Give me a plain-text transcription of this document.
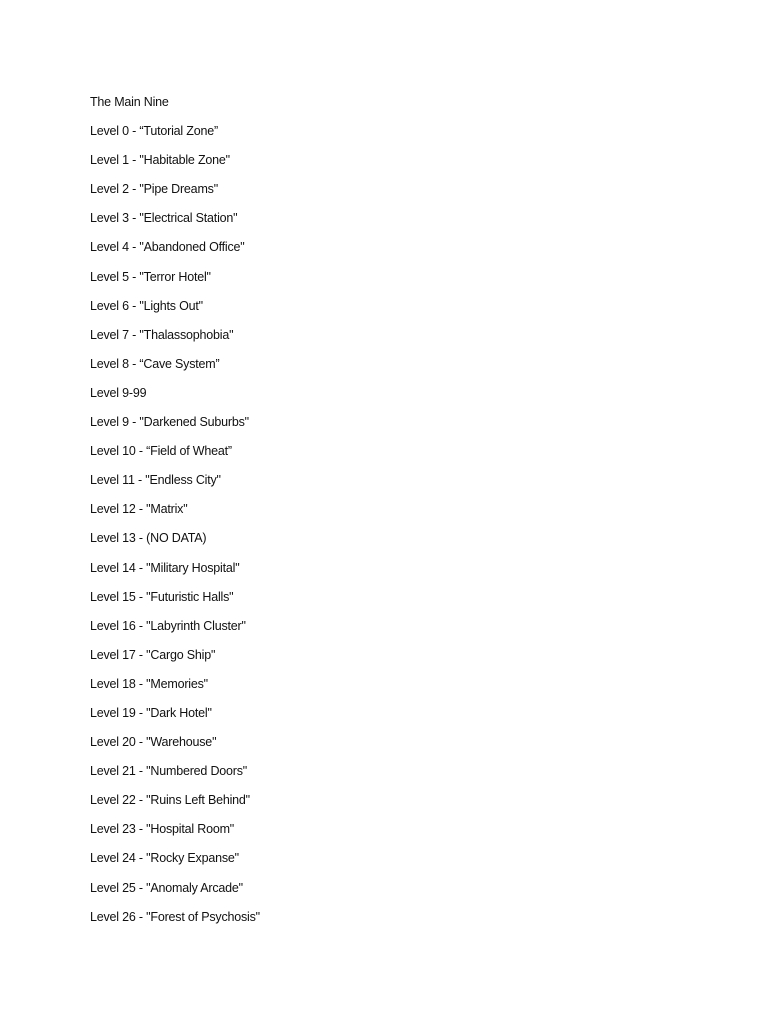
The Main Nine
Level 0 - “Tutorial Zone”
Level 1 - "Habitable Zone"
Level 2 - "Pipe Dreams"
Level 3 - "Electrical Station"
Level 4 - "Abandoned Office"
Level 5 - "Terror Hotel"
Level 6 - "Lights Out"
Level 7 - "Thalassophobia"
Level 8 - “Cave System”
Level 9-99
Level 9 - "Darkened Suburbs"
Level 10 - “Field of Wheat”
Level 11 - "Endless City"
Level 12 - "Matrix"
Level 13 - (NO DATA)
Level 14 - "Military Hospital"
Level 15 - "Futuristic Halls"
Level 16 - "Labyrinth Cluster"
Level 17 - "Cargo Ship"
Level 18 - "Memories"
Level 19 - "Dark Hotel"
Level 20 - "Warehouse"
Level 21 - "Numbered Doors"
Level 22 - "Ruins Left Behind"
Level 23 - "Hospital Room"
Level 24 - "Rocky Expanse"
Level 25 - "Anomaly Arcade"
Level 26 - "Forest of Psychosis"
